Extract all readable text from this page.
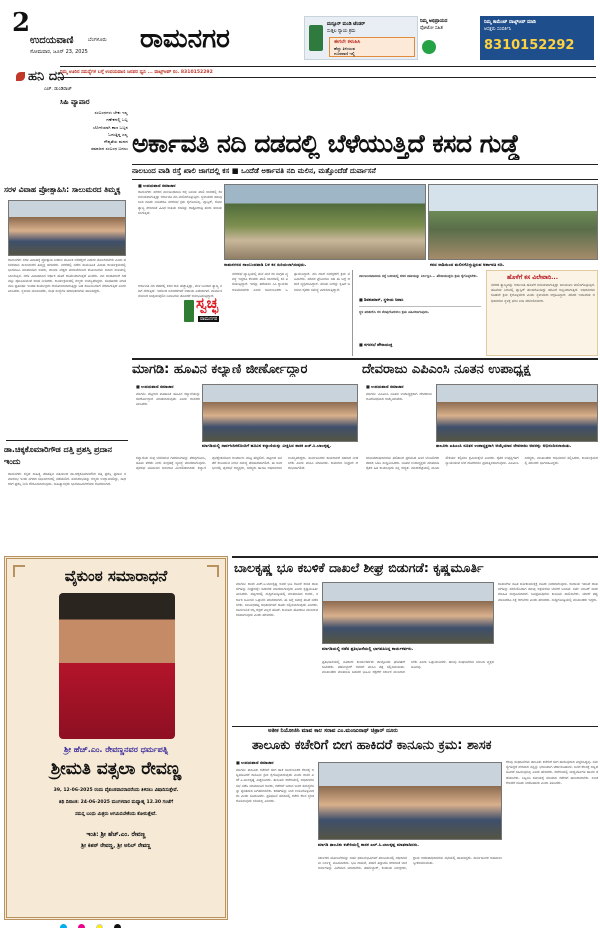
2
ಉದಯವಾಣಿ	ಬೆಂಗಳೂರು
ಸೋಮವಾರ, ಜೂನ್ 23, 2025 ರಾಮನಗರ	ಮನ್ಸೂರ್ ಮಂಡಿ ಟೆಂಡರ್
ಸುತ್ತಲ ನ್ಯಾಯ ಕ್ರಮ
ಈಗಲೇ ಕಳುಹಿಸಿ
ಹೆಚ್ಚು ತಿಳಿಯುವ
ದೂರವಾಣಿ ಇಲ್ಲಿ
ನಿಮ್ಮ ಅಭಿಪ್ರಾಯದ
ಫೋಟೋ ಸಹಿತ
ನಿಮ್ಮ ಕಾಮೆಂಟ್ ವಾಟ್ಸ್ಆಪ್ ಮಾಡಿ
ಆಸಕ್ತರು ಸಂಪರ್ಕಿಸಿ
8310152292
ನಿಮ್ಮ ಊರಿನ ಸಮಸ್ಯೆಗಳ ಬಗ್ಗೆ ಉದಯವಾಣಿ ಜನಪರ ಧ್ವನಿ ... ವಾಟ್ಸ್ಆಪ್ ನಂ. 8310152292
ಹನಿ ದನಿ
ಎಚ್. ಡುಂಡಿರಾಜ್
ಸಿಹಿ ವ್ಯಾಪಾರ
ಸಂಬಂಧಗಳು ಬೇಕು ಇಲ್ಲ
ಗಣೇಶನಲ್ಲಿ ಒಬ್ಬ
ಬೋಳಿಯಾಗಿ ಕಾಣ ಒಬ್ಬನ
ಓದುತ್ತಿದ್ದ ಎಲ್ಲ
ಗೌಪ್ಯತೆಯ ಮನದ
ಸಮಾಜದ ಸಂಬಂಧ ಬದಲು ಅರ್ಕಾವತಿ ನದಿ ದಡದಲ್ಲಿ ಬೆಳೆಯುತ್ತಿದೆ ಕಸದ ಗುಡ್ಡೆ
ನಾಲಬಂದ ವಾಡಿ ರಸ್ತೆ ಖಾಲಿ ಜಾಗದಲ್ಲಿ ಕಸ ■ ಒಂದೆಡೆ ಅರ್ಕಾವತಿ ನದಿ ಮಲಿನ, ಮತ್ತೊಂದೆಡೆ ದುರ್ವಾಸನೆ
ಸರಳ ವಿವಾಹ ಪ್ರೋತ್ಸಾಹಿಸಿ: ಸಾಲುಮರದ ತಿಮ್ಮಕ್ಕ
ರಾಮನಗರ: ಸರಳ ವಿವಾಹಕ್ಕೆ ಪ್ರೋತ್ಸಾಹ ನೀಡುವ ಮೂಲಕ ವರದಕ್ಷಿಣೆ ಪಿಡುಗು ತೊಲಗಿಸಬೇಕು ಎಂದು ಪರಿಸರವಾದಿ ಸಾಲುಮರದ ತಿಮ್ಮಕ್ಕ ಹೇಳಿದರು. ನಗರದಲ್ಲಿ ನಡೆದ ಸಾಮೂಹಿಕ ವಿವಾಹ ಕಾರ್ಯಕ್ರಮದಲ್ಲಿ ಭಾಗವಹಿಸಿ ಮಾತನಾಡಿದ ಅವರು, ದುಂದು ವೆಚ್ಚದ ಮದುವೆಗಳಿಂದ ಕುಟುಂಬಗಳು ಸಾಲದ ಸುಳಿಯಲ್ಲಿ ಸಿಲುಕುತ್ತಿವೆ. ಸರಳ ವಿವಾಹದಿಂದ ಆರ್ಥಿಕ ಹೊರೆ ಕಡಿಮೆಯಾಗುತ್ತದೆ ಎಂದರು. ನವ ದಂಪತಿಗಳಿಗೆ ಗಿಡ ನೆಟ್ಟು ಪೋಷಿಸುವಂತೆ ಸಲಹೆ ನೀಡಿದರು. ಕಾರ್ಯಕ್ರಮದಲ್ಲಿ ಗಣ್ಯರು ಉಪಸ್ಥಿತರಿದ್ದರು. ಸಂಘಟಕರು ಮಾತನಾಡಿ ಪ್ರತಿವರ್ಷ ಇಂತಹ ಕಾರ್ಯಕ್ರಮ ಆಯೋಜಿಸಲಾಗುತ್ತಿದ್ದು ಬಡ ಕುಟುಂಬಗಳಿಗೆ ನೆರವಾಗುತ್ತಿದೆ ಎಂದು ತಿಳಿಸಿದರು. ಸ್ಥಳೀಯ ಮುಖಂಡರು, ಸಂಘ ಸಂಸ್ಥೆಗಳ ಪದಾಧಿಕಾರಿಗಳು ಹಾಜರಿದ್ದರು.
ಡಾ.ಚಿಕ್ಕಕೊಮಾರಿಗೌಡ ದತ್ತಿ ಪ್ರಶಸ್ತಿ ಪ್ರದಾನ ಇಂದು
ರಾಮನಗರ: ಕನ್ನಡ ಸಾಹಿತ್ಯ ಪರಿಷತ್ತಿನ ವತಿಯಿಂದ ಡಾ.ಚಿಕ್ಕಕೊಮಾರಿಗೌಡ ದತ್ತಿ ಪ್ರಶಸ್ತಿ ಪ್ರದಾನ ಸಮಾರಂಭ ಇಂದು ನಗರದ ಸಭಾಂಗಣದಲ್ಲಿ ನಡೆಯಲಿದೆ. ಸಮಾರಂಭವನ್ನು ಗಣ್ಯರು ಉದ್ಘಾಟಿಸಲಿದ್ದು, ಸಾಧಕರಿಗೆ ಪ್ರಶಸ್ತಿ ನೀಡಿ ಗೌರವಿಸಲಾಗುವುದು. ಸಾಹಿತ್ಯಾಸಕ್ತರು ಭಾಗವಹಿಸಬೇಕೆಂದು ಕೋರಲಾಗಿದೆ.
■ ಉದಯವಾಣಿ ಸಮಾಚಾರ
ರಾಮನಗರ: ನಗರದ ನಾಲಬಂದವಾಡಿ ರಸ್ತೆ ಬಳಿಯ ಖಾಲಿ ಜಾಗದಲ್ಲಿ ಕಸ ಸುರಿಯಲಾಗುತ್ತಿದ್ದು ಅರ್ಕಾವತಿ ನದಿ ಮಲಿನಗೊಳ್ಳುತ್ತಿದೆ. ಸ್ಥಳೀಯರು ಹಲವು ಬಾರಿ ದೂರು ನೀಡಿದರೂ ನಗರಸಭೆ ಕ್ರಮ ಕೈಗೊಂಡಿಲ್ಲ. ಪ್ಲಾಸ್ಟಿಕ್, ಕೋಳಿ ತ್ಯಾಜ್ಯ ಸೇರಿದಂತೆ ವಿವಿಧ ರೀತಿಯ ಕಸವನ್ನು ರಾತ್ರೋರಾತ್ರಿ ತಂದು ಸುರಿಯಲಾಗುತ್ತಿದೆ.
ರಾಮನಗರದ ನಾಲಬಂದವಾಡಿ ಬಳಿ ಕಸ ಸುರಿಯಲಾಗಿರುವುದು.	ಕಸದ ರಾಶಿಯಿಂದ ಮಲಿನಗೊಳ್ಳುತ್ತಿರುವ ಅರ್ಕಾವತಿ ನದಿ.
ಅರ್ಕಾವತಿ ನದಿ ದಡದಲ್ಲಿ ಕಸದ ರಾಶಿ ಹೆಚ್ಚುತ್ತಿದ್ದು, ಮಳೆ ಬಂದಾಗ ತ್ಯಾಜ್ಯ ನದಿಗೆ ಸೇರುತ್ತಿದೆ. ಇದರಿಂದ ಜಲಚರಗಳಿಗೆ ಅಪಾಯ ಎದುರಾಗಿದೆ. ದುರ್ವಾಸನೆಯಿಂದ ಸುತ್ತಮುತ್ತಲಿನ ನಿವಾಸಿಗಳು ತೊಂದರೆ ಅನುಭವಿಸುತ್ತಿದ್ದಾರೆ.
ಸ್ವಚ್ಛ
ರಾಮನಗರ
ನಗರಸಭೆ ವ್ಯಾಪ್ತಿಯಲ್ಲಿ ಮನೆ ಮನೆ ಕಸ ಸಂಗ್ರಹ ವ್ಯವಸ್ಥೆ ಇದ್ದರೂ ಕೆಲವರು ಖಾಲಿ ಜಾಗಗಳಲ್ಲಿ ಕಸ ಎಸೆಯುತ್ತಿದ್ದಾರೆ. ಇದನ್ನು ತಡೆಯಲು ಸಿಸಿ ಕ್ಯಾಮರಾ ಅಳವಡಿಸಬೇಕು ಎಂದು ಸಾರ್ವಜನಿಕರು ಒತ್ತಾಯಿಸಿದ್ದಾರೆ. ನದಿ ದಂಡೆ ಸಂರಕ್ಷಣೆಗೆ ಕ್ರಮ ವಹಿಸಬೇಕು. ಪರಿಸರ ಪ್ರೇಮಿಗಳು ಸಹ ಈ ಬಗ್ಗೆ ಆತಂಕ ವ್ಯಕ್ತಪಡಿಸಿದ್ದಾರೆ. ನದಿಯ ನೀರನ್ನು ಕೃಷಿಗೆ ಬಳಸುವ ರೈತರು ಸಮಸ್ಯೆ ಎದುರಿಸುತ್ತಿದ್ದಾರೆ.
ನಾಲಬಂದವಾಡಿಯ ರಸ್ತೆ ಬದಿಯಲ್ಲಿ ಕಸದ ರಾಶಿಯನ್ನು ನಿರ್ಲಕ್ಷಿಸಿ... ಪೌರಾಯುಕ್ತರು ಕ್ರಮ ಕೈಗೊಳ್ಳಬೇಕು.
■ ಶಿವಕುಮಾರ್, ಸ್ಥಳೀಯ ನಿವಾಸಿ
ಸ್ಥಳ ಪರಿಶೀಲಿಸಿ ಕಸ ತೆರವುಗೊಳಿಸಲು ಕ್ರಮ ವಹಿಸಲಾಗುವುದು.
■ ನಗರಸಭೆ ಪೌರಾಯುಕ್ತ
ಹೊಳೆಗೆ ಕಸ ವಿಲೇವಾರಿ...
ನಗರದ ತ್ಯಾಜ್ಯವನ್ನು ಅರ್ಕಾವತಿ ಹೊಳೆಗೆ ಸುರಿಯಲಾಗುತ್ತಿದ್ದು ಜಲಮೂಲ ಮಲಿನಗೊಳ್ಳುತ್ತಿದೆ. ಹೊಳೆಯ ನೀರಿನಲ್ಲಿ ಪ್ಲಾಸ್ಟಿಕ್ ತುಂಬಿಕೊಂಡಿದ್ದು ಹರಿವಿಗೆ ಅಡ್ಡಿಯಾಗುತ್ತಿದೆ. ಅಧಿಕಾರಿಗಳು ಕೂಡಲೇ ಕ್ರಮ ಕೈಗೊಳ್ಳಬೇಕು ಎಂದು ಸ್ಥಳೀಯರು ಆಗ್ರಹಿಸಿದ್ದಾರೆ. ಪರಿಸರ ಇಲಾಖೆಯ ಅಧಿಕಾರಿಗಳು ಸ್ಥಳಕ್ಕೆ ಭೇಟಿ ನೀಡಿ ಪರಿಶೀಲಿಸಬೇಕು.
ಮಾಗಡಿ: ಹೂವಿನ ಕಲ್ಯಾಣಿ ಜೀರ್ಣೋದ್ಧಾರ	ದೇವರಾಜು ಎಪಿಎಂಸಿ ನೂತನ ಉಪಾಧ್ಯಕ್ಷ
■ ಉದಯವಾಣಿ ಸಮಾಚಾರ
ಮಾಗಡಿ: ಪಟ್ಟಣದ ಐತಿಹಾಸಿಕ ಹೂವಿನ ಕಲ್ಯಾಣಿಯನ್ನು ಜೀರ್ಣೋದ್ಧಾರ ಮಾಡಲಾಗುವುದು ಎಂದು ಶಾಸಕರು ತಿಳಿಸಿದರು.
ಮಾಗಡಿಯಲ್ಲಿ ಸಾರ್ವಜನಿಕರೊಂದಿಗೆ ಹೂವಿನ ಕಲ್ಯಾಣಿಯನ್ನು ವೀಕ್ಷಿಸಿದ ಶಾಸಕ ಎಚ್.ಸಿ.ಬಾಲಕೃಷ್ಣ.
ಕಲ್ಯಾಣಿಯ ಸುತ್ತ ಬೆಳೆದಿರುವ ಗಿಡಗಂಟಿಗಳನ್ನು ತೆರವುಗೊಳಿಸಿ, ಹೂಳು ತೆಗೆದು ನೀರು ಸಂಗ್ರಹಕ್ಕೆ ವ್ಯವಸ್ಥೆ ಮಾಡಲಾಗುವುದು. ಪುರಸಭೆ ವತಿಯಿಂದ ಅನುದಾನ ಮೀಸಲಿಡಲಾಗಿದೆ. ಕಲ್ಯಾಣಿ ಪುನಶ್ಚೇತನದಿಂದ ಅಂತರ್ಜಲ ಮಟ್ಟ ಹೆಚ್ಚಲಿದೆ. ಪಟ್ಟಣದ ಜನತೆಗೆ ಕುಡಿಯುವ ನೀರಿನ ಸಮಸ್ಯೆ ಪರಿಹಾರವಾಗಲಿದೆ. ಈ ಸಂದರ್ಭದಲ್ಲಿ ಪುರಸಭೆ ಅಧ್ಯಕ್ಷರು, ಸದಸ್ಯರು ಹಾಗೂ ಅಧಿಕಾರಿಗಳು ಉಪಸ್ಥಿತರಿದ್ದರು. ಸಾರ್ವಜನಿಕರು ಕಾಮಗಾರಿಗೆ ಸಹಕಾರ ನೀಡಬೇಕು ಎಂದು ಮನವಿ ಮಾಡಿದರು. ಕಾಮಗಾರಿ ಶೀಘ್ರವೇ ಆರಂಭವಾಗಲಿದೆ.
■ ಉದಯವಾಣಿ ಸಮಾಚಾರ
ಮಾಗಡಿ: ಎಪಿಎಂಸಿ ನೂತನ ಉಪಾಧ್ಯಕ್ಷರಾಗಿ ದೇವರಾಜು ಅವಿರೋಧವಾಗಿ ಆಯ್ಕೆಯಾದರು.
ತಾಲೂಕು ಎಪಿಎಂಸಿ ನೂತನ ಉಪಾಧ್ಯಕ್ಷರಾಗಿ ಆಯ್ಕೆಯಾದ ದೇವರಾಜು ಅವರನ್ನು ಅಭಿನಂದಿಸಲಾಯಿತು.
ಚುನಾವಣಾಧಿಕಾರಿಗಳು ಫಲಿತಾಂಶ ಪ್ರಕಟಿಸಿದ ಬಳಿಕ ಬೆಂಬಲಿಗರು ಪಟಾಕಿ ಸಿಡಿಸಿ ಸಂಭ್ರಮಿಸಿದರು. ನೂತನ ಉಪಾಧ್ಯಕ್ಷರು ಮಾತನಾಡಿ ರೈತರ ಹಿತ ಕಾಯುವುದು ನನ್ನ ಆದ್ಯತೆ. ಮಾರುಕಟ್ಟೆಯಲ್ಲಿ ಮೂಲ ಸೌಕರ್ಯ ಕಲ್ಪಿಸಲು ಶ್ರಮಿಸುತ್ತೇನೆ ಎಂದರು. ರೈತರ ಉತ್ಪನ್ನಗಳಿಗೆ ನ್ಯಾಯಯುತ ಬೆಲೆ ದೊರಕಿಸಲು ಪ್ರಯತ್ನಿಸಲಾಗುವುದು. ಎಪಿಎಂಸಿ ಸದಸ್ಯರು, ಮುಖಂಡರು ಅಭಿನಂದನೆ ಸಲ್ಲಿಸಿದರು. ಕಾರ್ಯಕ್ರಮದಲ್ಲಿ ಹಲವರು ಭಾಗವಹಿಸಿದ್ದರು.
ವೈಕುಂಠ ಸಮಾರಾಧನೆ
ಶ್ರೀ ಹೆಚ್.ಎಂ. ರೇವಣ್ಣನವರ ಧರ್ಮಪತ್ನಿ
ಶ್ರೀಮತಿ ವತ್ಸಲಾ ರೇವಣ್ಣ
39, 12-06-2025 ರಂದು ವೈಕುಂಠವಾಸರಾದರೆಂದು ತಿಳಿಸಲು ವಿಷಾದಿಸುತ್ತೇವೆ.
ತಿಥಿ ದಿನಾಂಕ: 24-06-2025 ಮಂಗಳವಾರ ಮಧ್ಯಾಹ್ನ 12.30 ಗಂಟೆಗೆ
ಸಮಸ್ತ ಬಂಧು ಮಿತ್ರರು ಆಗಮಿಸಬೇಕೆಂದು ಕೋರುತ್ತೇವೆ.
ಇಂತಿ: ಶ್ರೀ ಹೆಚ್.ಎಂ. ರೇವಣ್ಣ
ಶ್ರೀ ಕಿಶನ್ ರೇವಣ್ಣ, ಶ್ರೀ ಅನಿಲ್ ರೇವಣ್ಣ
ಬಾಲಕೃಷ್ಣ ಭೂ ಕಬಳಿಕೆ ದಾಖಲೆ ಶೀಘ್ರ ಬಿಡುಗಡೆ: ಕೃಷ್ಣಮೂರ್ತಿ
ಮಾಗಡಿ: ಶಾಸಕ ಎಚ್.ಸಿ.ಬಾಲಕೃಷ್ಣ ಅವರ ಭೂ ಕಬಳಿಕೆ ಕುರಿತ ದಾಖಲೆಗಳನ್ನು ಶೀಘ್ರದಲ್ಲೇ ಬಿಡುಗಡೆ ಮಾಡಲಾಗುವುದು ಎಂದು ಕೃಷ್ಣಮೂರ್ತಿ ತಿಳಿಸಿದರು. ಪಟ್ಟಣದಲ್ಲಿ ಸುದ್ದಿಗೋಷ್ಠಿಯಲ್ಲಿ ಮಾತನಾಡಿದ ಅವರು, ಸರ್ಕಾರಿ ಜಮೀನು ಒತ್ತುವರಿ ಮಾಡಲಾಗಿದೆ. ಈ ಬಗ್ಗೆ ಸಮಗ್ರ ತನಿಖೆ ನಡೆಸಬೇಕು. ಸಂಬಂಧಪಟ್ಟ ಅಧಿಕಾರಿಗಳಿಗೆ ದೂರು ಸಲ್ಲಿಸಲಾಗುವುದು ಎಂದರು. ಸಾರ್ವಜನಿಕ ಆಸ್ತಿ ರಕ್ಷಣೆ ಎಲ್ಲರ ಹೊಣೆ. ಕಾನೂನು ಹೋರಾಟ ಮುಂದುವರಿಸಲಾಗುವುದು ಎಂದು ಹೇಳಿದರು.
ಮಾಗಡಿಯಲ್ಲಿ ನಡೆದ ಪ್ರತಿಭಟನೆಯಲ್ಲಿ ಭಾಗವಹಿಸಿದ್ದ ಕಾರ್ಯಕರ್ತರು.
ಪ್ರತಿಭಟನೆಯಲ್ಲಿ ನೂರಾರು ಕಾರ್ಯಕರ್ತರು ಪಾಲ್ಗೊಂಡು ಘೋಷಣೆ ಕೂಗಿದರು. ತಹಶೀಲ್ದಾರ್ ಅವರಿಗೆ ಮನವಿ ಪತ್ರ ಸಲ್ಲಿಸಲಾಯಿತು. ಮುಖಂಡರು ಮಾತನಾಡಿ ಬಡವರ ಭೂಮಿ ರಕ್ಷಣೆಗೆ ಸರ್ಕಾರ ಮುಂದಾಗಬೇಕು ಎಂದು ಒತ್ತಾಯಿಸಿದರು. ಹಲವು ಸಂಘಟನೆಗಳು ಬೆಂಬಲ ವ್ಯಕ್ತಪಡಿಸಿದವು.
ದಾಖಲೆಗಳ ಸಹಿತ ಲೋಕಾಯುಕ್ತಕ್ಕೆ ದೂರು ನೀಡಲಾಗುವುದು. ಕಂದಾಯ ಇಲಾಖೆ ದಾಖಲೆಗಳನ್ನು ಪರಿಶೀಲಿಸಿದಾಗ ಹಲವು ಅಕ್ರಮಗಳು ಬೆಳಕಿಗೆ ಬಂದಿವೆ. ಸರ್ವೆ ನಂಬರ್ ವಾರು ಮಾಹಿತಿ ಸಂಗ್ರಹಿಸಲಾಗಿದೆ. ಜನಪ್ರತಿನಿಧಿಗಳು ಕಾನೂನು ಪಾಲಿಸಬೇಕು. ಯಾರೇ ತಪ್ಪು ಮಾಡಿದರೂ ಶಿಕ್ಷೆ ಆಗಬೇಕು ಎಂದು ಹೇಳಿದರು. ಸುದ್ದಿಗೋಷ್ಠಿಯಲ್ಲಿ ಮುಖಂಡರು ಇದ್ದರು.
ಅತೀಕ ನಿಯೋಜಿಸಿ ಮಾವ ಕಾಲ ಸರಾವ ಎಂ.ಮಂಜುನಾಥ್ ಚಿತ್ರಾರ್ ದೂರು
ತಾಲೂಕು ಕಚೇರಿಗೆ ಬೀಗ ಹಾಕಿದರೆ ಕಾನೂನು ಕ್ರಮ: ಶಾಸಕ
■ ಉದಯವಾಣಿ ಸಮಾಚಾರ
ಮಾಗಡಿ: ತಾಲೂಕು ಕಚೇರಿಗೆ ಬೀಗ ಹಾಕಿ ಸಾರ್ವಜನಿಕರ ಕೆಲಸಕ್ಕೆ ಅಡ್ಡಿಪಡಿಸಿದರೆ ಕಾನೂನು ಕ್ರಮ ಕೈಗೊಳ್ಳಲಾಗುವುದು ಎಂದು ಶಾಸಕ ಎಚ್.ಸಿ.ಬಾಲಕೃಷ್ಣ ಎಚ್ಚರಿಸಿದರು. ತಾಲೂಕು ಕಚೇರಿಯಲ್ಲಿ ಅಧಿಕಾರಿಗಳ ಸಭೆ ನಡೆಸಿ ಮಾತನಾಡಿದ ಅವರು, ಕಚೇರಿಗೆ ಬರುವ ಜನರ ಸಮಸ್ಯೆಗಳನ್ನು ತ್ವರಿತವಾಗಿ ಬಗೆಹರಿಸಬೇಕು. ಕಡತಗಳನ್ನು ಬಾಕಿ ಉಳಿಸಿಕೊಳ್ಳಬಾರದು ಎಂದು ಸೂಚಿಸಿದರು. ಪ್ರತಿಭಟನೆ ಹೆಸರಿನಲ್ಲಿ ಕಚೇರಿ ಕೆಲಸ ಸ್ಥಗಿತಗೊಳಿಸುವುದು ಸರಿಯಲ್ಲ ಎಂದರು.
ಮಾಗಡಿ ತಾಲೂಕು ಕಚೇರಿಯಲ್ಲಿ ಶಾಸಕ ಎಚ್.ಸಿ.ಬಾಲಕೃಷ್ಣ ಮಾತನಾಡಿದರು.
ಸರ್ಕಾರದ ಯೋಜನೆಗಳನ್ನು ಅರ್ಹ ಫಲಾನುಭವಿಗಳಿಗೆ ತಲುಪಿಸುವಲ್ಲಿ ಅಧಿಕಾರಿಗಳು ನಿರ್ಲಕ್ಷ್ಯ ವಹಿಸಬಾರದು. ಭೂ ದಾಖಲೆ, ಪಹಣಿ ತಿದ್ದುಪಡಿ ಸೇರಿದಂತೆ ಬಾಕಿ ಅರ್ಜಿಗಳನ್ನು ವಿಲೇವಾರಿ ಮಾಡಬೇಕು. ತಹಶೀಲ್ದಾರ್, ಕಂದಾಯ ನಿರೀಕ್ಷಕರು, ಗ್ರಾಮ ಆಡಳಿತಾಧಿಕಾರಿಗಳು ಸಭೆಯಲ್ಲಿ ಹಾಜರಿದ್ದರು. ಸಾರ್ವಜನಿಕರ ಅಹವಾಲು ಸ್ವೀಕರಿಸಲಾಯಿತು.
ಕೆಲವು ಸಂಘಟನೆಗಳು ತಾಲೂಕು ಕಚೇರಿಗೆ ಬೀಗ ಹಾಕುವುದಾಗಿ ಎಚ್ಚರಿಸಿದ್ದವು. ಸಮಸ್ಯೆಗಳಿದ್ದರೆ ನೇರವಾಗಿ ನನ್ನನ್ನು ಭೇಟಿಯಾಗಿ ಚರ್ಚಿಸಬಹುದು. ಜನರ ಕೆಲಸಕ್ಕೆ ಅಡ್ಡಿಪಡಿಸಿದರೆ ಸಹಿಸುವುದಿಲ್ಲ ಎಂದು ಹೇಳಿದರು. ಕಚೇರಿಯಲ್ಲಿ ಮಧ್ಯವರ್ತಿಗಳ ಹಾವಳಿ ತಡೆಯಬೇಕು. ಸಿಬ್ಬಂದಿ ಸಮಯಕ್ಕೆ ಸರಿಯಾಗಿ ಕಚೇರಿಗೆ ಹಾಜರಾಗಬೇಕು. ಲಂಚ ಕೇಳಿದರೆ ದೂರು ನೀಡಬಹುದು ಎಂದು ತಿಳಿಸಿದರು.
